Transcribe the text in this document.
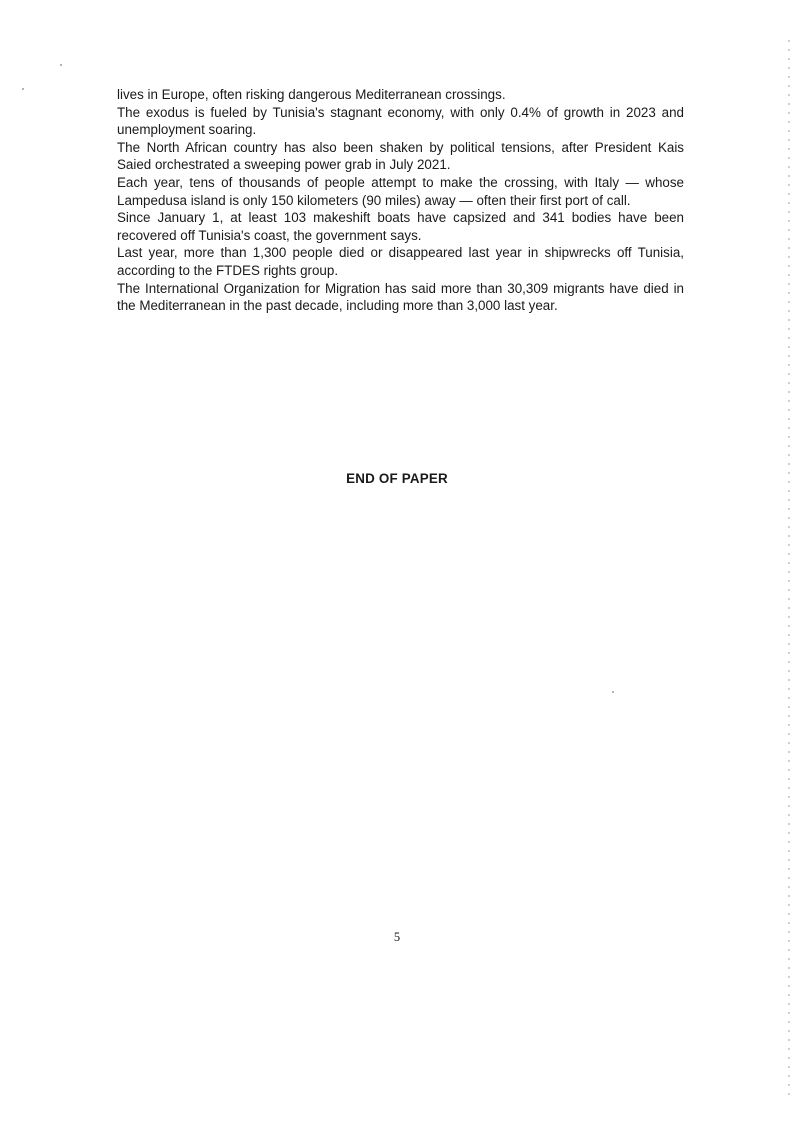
lives in Europe, often risking dangerous Mediterranean crossings.

The exodus is fueled by Tunisia's stagnant economy, with only 0.4% of growth in 2023 and unemployment soaring.

The North African country has also been shaken by political tensions, after President Kais Saied orchestrated a sweeping power grab in July 2021.

Each year, tens of thousands of people attempt to make the crossing, with Italy — whose Lampedusa island is only 150 kilometers (90 miles) away — often their first port of call.

Since January 1, at least 103 makeshift boats have capsized and 341 bodies have been recovered off Tunisia's coast, the government says.

Last year, more than 1,300 people died or disappeared last year in shipwrecks off Tunisia, according to the FTDES rights group.

The International Organization for Migration has said more than 30,309 migrants have died in the Mediterranean in the past decade, including more than 3,000 last year.

END OF PAPER
5
